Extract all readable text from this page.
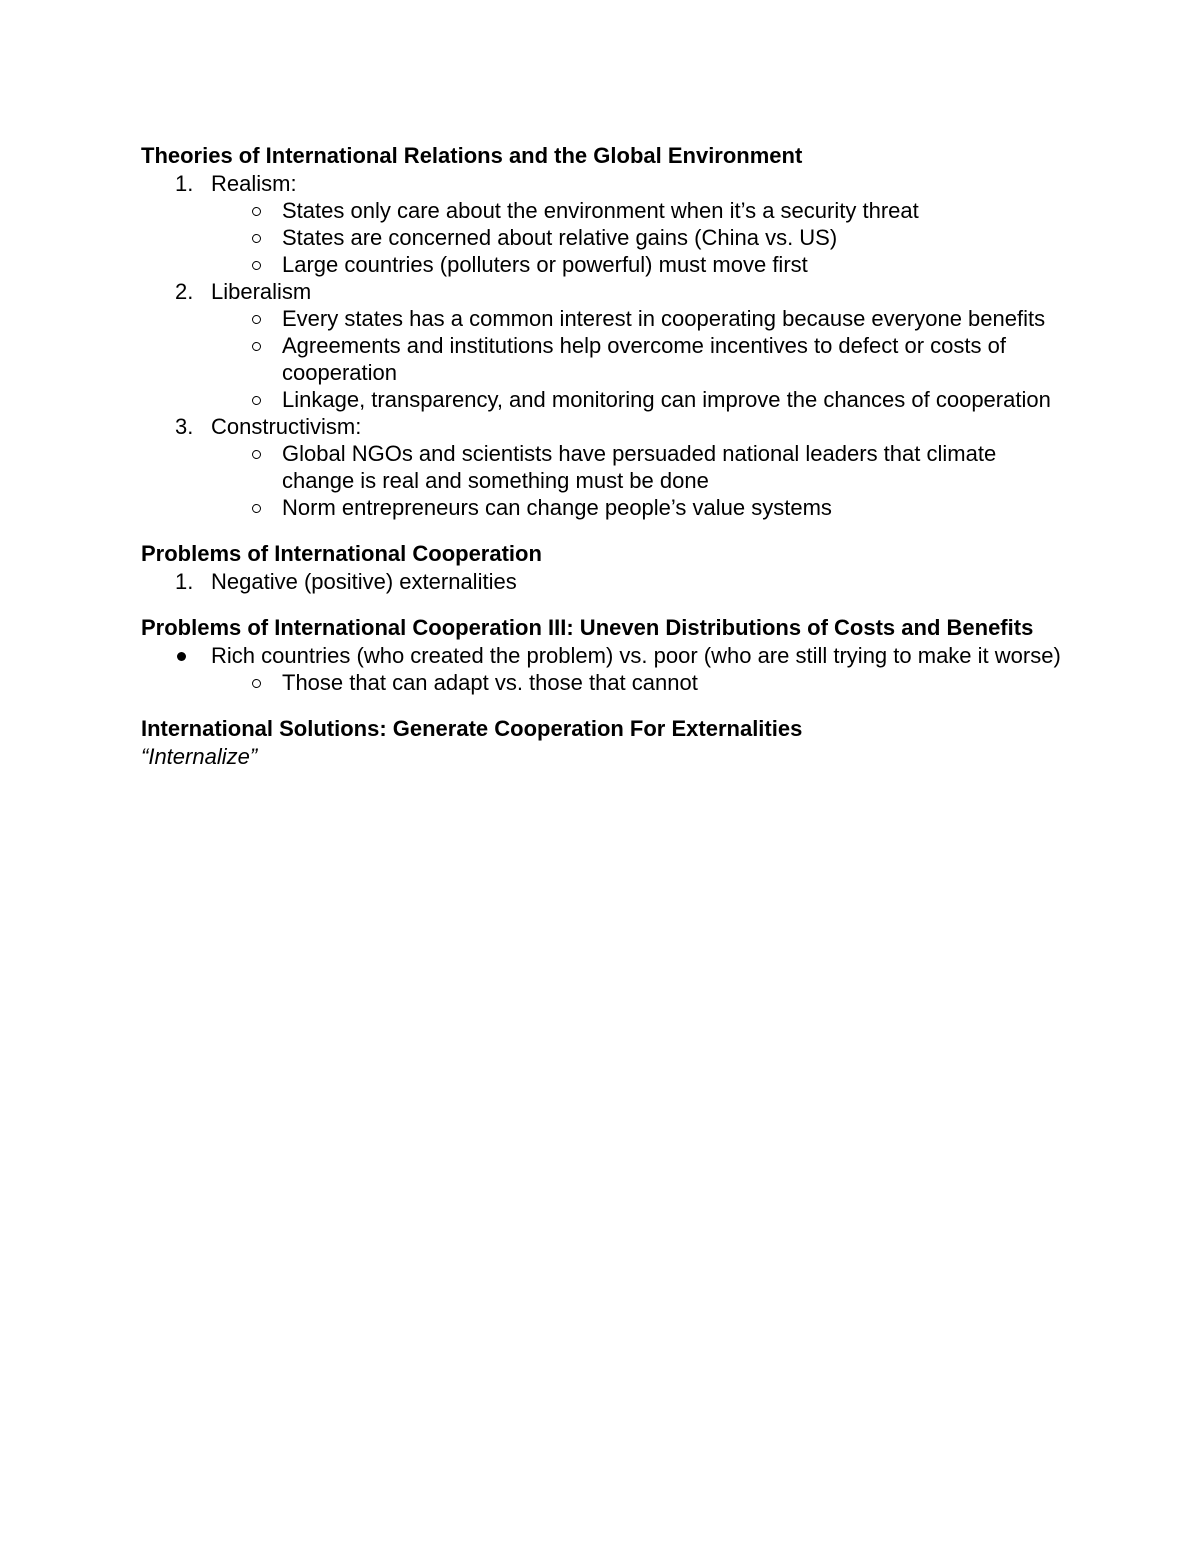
Theories of International Relations and the Global Environment

1. Realism:
States only care about the environment when it’s a security threat
States are concerned about relative gains (China vs. US)
Large countries (polluters or powerful) must move first
2. Liberalism
Every states has a common interest in cooperating because everyone benefits
Agreements and institutions help overcome incentives to defect or costs of cooperation
Linkage, transparency, and monitoring can improve the chances of cooperation
3. Constructivism:
Global NGOs and scientists have persuaded national leaders that climate change is real and something must be done
Norm entrepreneurs can change people’s value systems

Problems of International Cooperation

1. Negative (positive) externalities

Problems of International Cooperation III: Uneven Distributions of Costs and Benefits

Rich countries (who created the problem) vs. poor (who are still trying to make it worse)
Those that can adapt vs. those that cannot

International Solutions: Generate Cooperation For Externalities

“Internalize”
